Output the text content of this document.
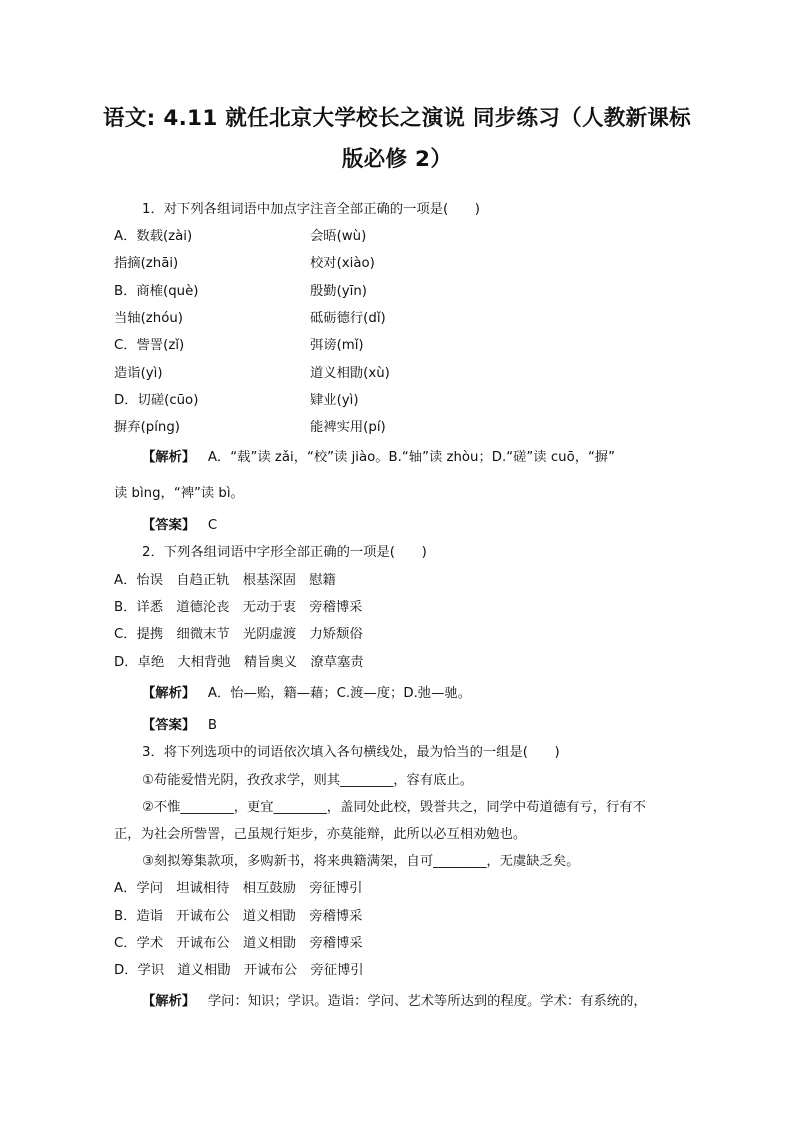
语文: 4.11 就任北京大学校长之演说 同步练习（人教新课标
版必修 2）
1．对下列各组词语中加点字注音全部正确的一项是(　　)
A．数载(zài)	会晤(wù)
指摘(zhāi)	校对(xiào)
B．商榷(què)	殷勤(yīn)
当轴(zhóu)	砥砺德行(dǐ)
C．訾詈(zǐ)	弭谤(mǐ)
造诣(yì)	道义相勖(xù)
D．切磋(cūo)	肄业(yì)
摒弃(píng)	能裨实用(pí)
【解析】 A．“载”读 zǎi，“校”读 jiào。B.“轴”读 zhòu；D.“磋”读 cuō，“摒”
读 bìng，“裨”读 bì。
【答案】 C
2．下列各组词语中字形全部正确的一项是(　　)
A．怡误　自趋正轨　根基深固　慰籍
B．详悉　道德沦丧　无动于衷　旁稽博采
C．提携　细微末节　光阴虚渡　力矫颓俗
D．卓绝　大相背弛　精旨奥义　潦草塞责
【解析】 A．怡—贻，籍—藉；C.渡—度；D.弛—驰。
【答案】 B
3．将下列选项中的词语依次填入各句横线处，最为恰当的一组是(　　)
①苟能爱惜光阴，孜孜求学，则其________，容有底止。
②不惟________，更宜________，盖同处此校，毁誉共之，同学中苟道德有亏，行有不
正，为社会所訾詈，己虽规行矩步，亦莫能辩，此所以必互相劝勉也。
③刻拟筹集款项，多购新书，将来典籍满架，自可________，无虞缺乏矣。
A．学问　坦诚相待　相互鼓励　旁征博引
B．造诣　开诚布公　道义相勖　旁稽博采
C．学术　开诚布公　道义相勖　旁稽博采
D．学识　道义相勖　开诚布公　旁征博引
【解析】 学问：知识；学识。造诣：学问、艺术等所达到的程度。学术：有系统的，
